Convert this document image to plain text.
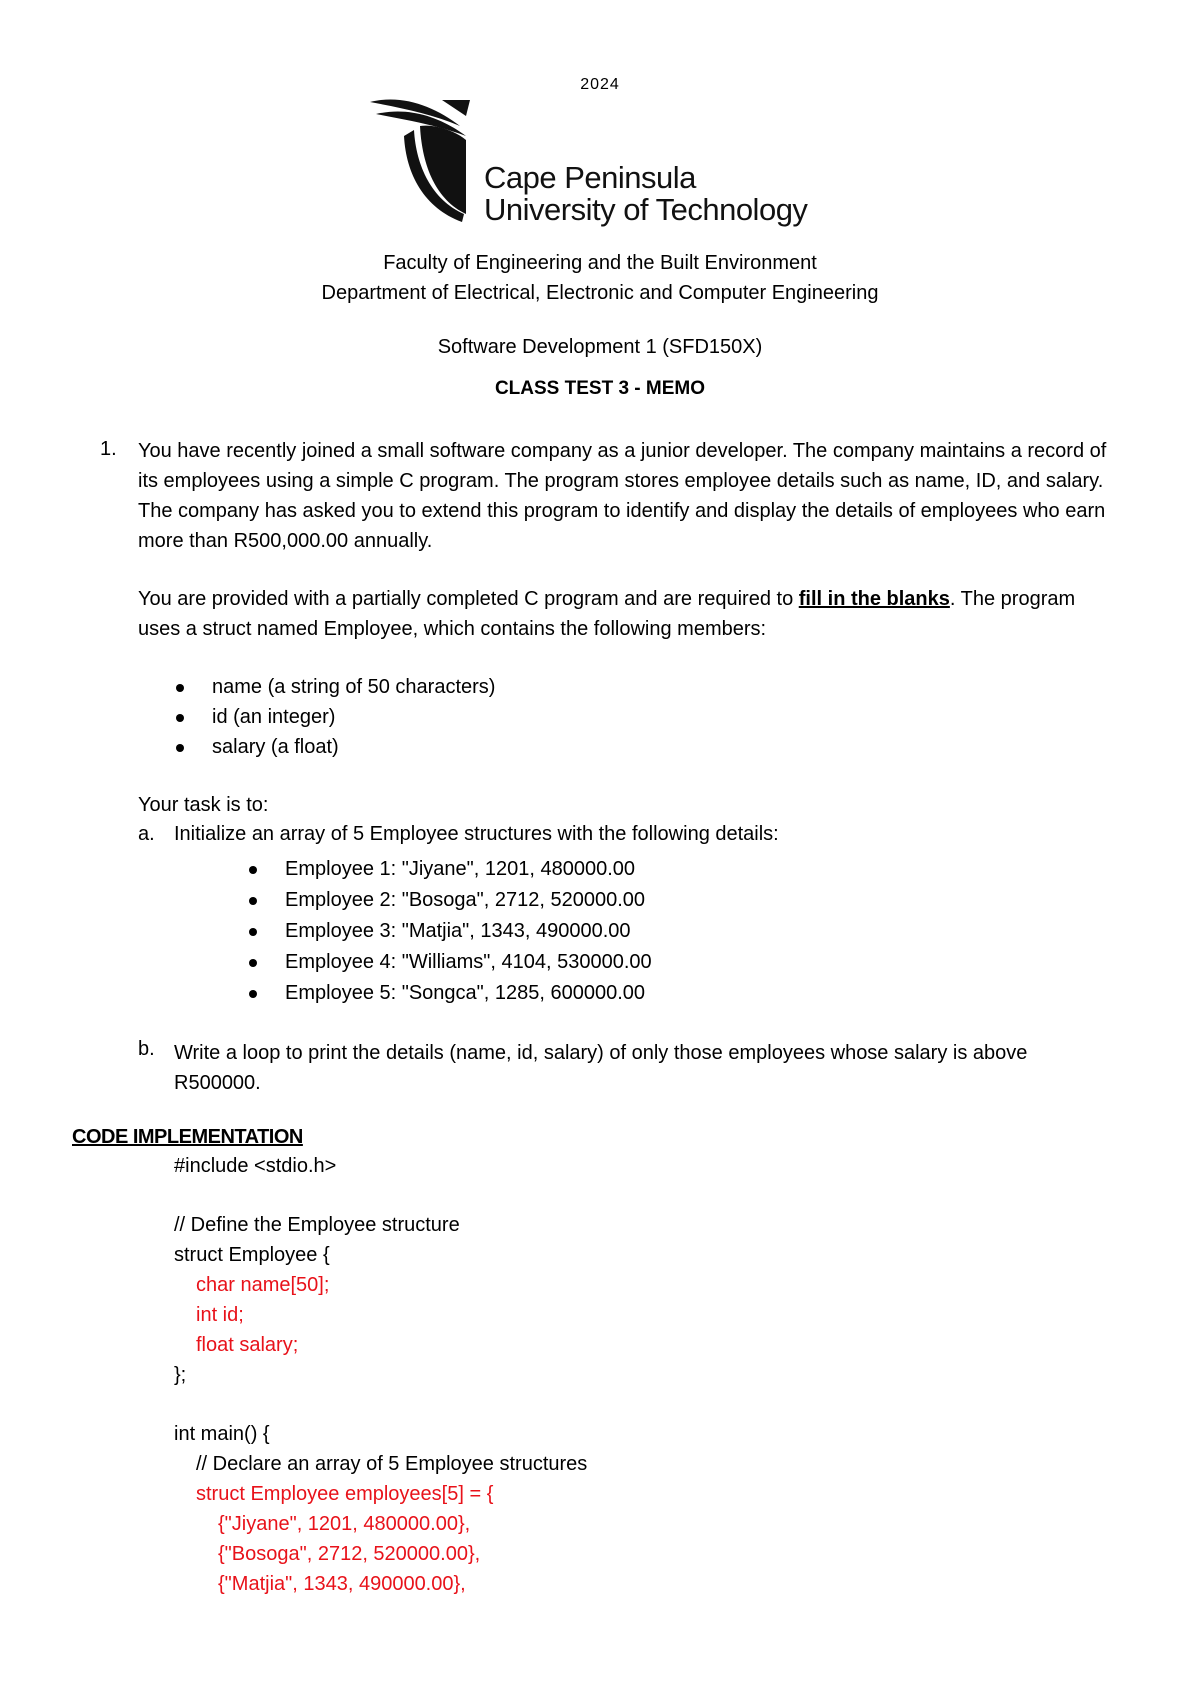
2024
Cape Peninsula
University of Technology
Faculty of Engineering and the Built Environment
Department of Electrical, Electronic and Computer Engineering
Software Development 1 (SFD150X)
CLASS TEST 3 - MEMO
1. You have recently joined a small software company as a junior developer. The company maintains a record of its employees using a simple C program. The program stores employee details such as name, ID, and salary. The company has asked you to extend this program to identify and display the details of employees who earn more than R500,000.00 annually.
You are provided with a partially completed C program and are required to fill in the blanks. The program uses a struct named Employee, which contains the following members:
name (a string of 50 characters)
id (an integer)
salary (a float)
Your task is to:
a. Initialize an array of 5 Employee structures with the following details:
Employee 1: "Jiyane", 1201, 480000.00
Employee 2: "Bosoga", 2712, 520000.00
Employee 3: "Matjia", 1343, 490000.00
Employee 4: "Williams", 4104, 530000.00
Employee 5: "Songca", 1285, 600000.00
b. Write a loop to print the details (name, id, salary) of only those employees whose salary is above R500000.
CODE IMPLEMENTATION
#include <stdio.h>
// Define the Employee structure
struct Employee {
char name[50];
int id;
float salary;
};
int main() {
// Declare an array of 5 Employee structures
struct Employee employees[5] = {
{"Jiyane", 1201, 480000.00},
{"Bosoga", 2712, 520000.00},
{"Matjia", 1343, 490000.00},
